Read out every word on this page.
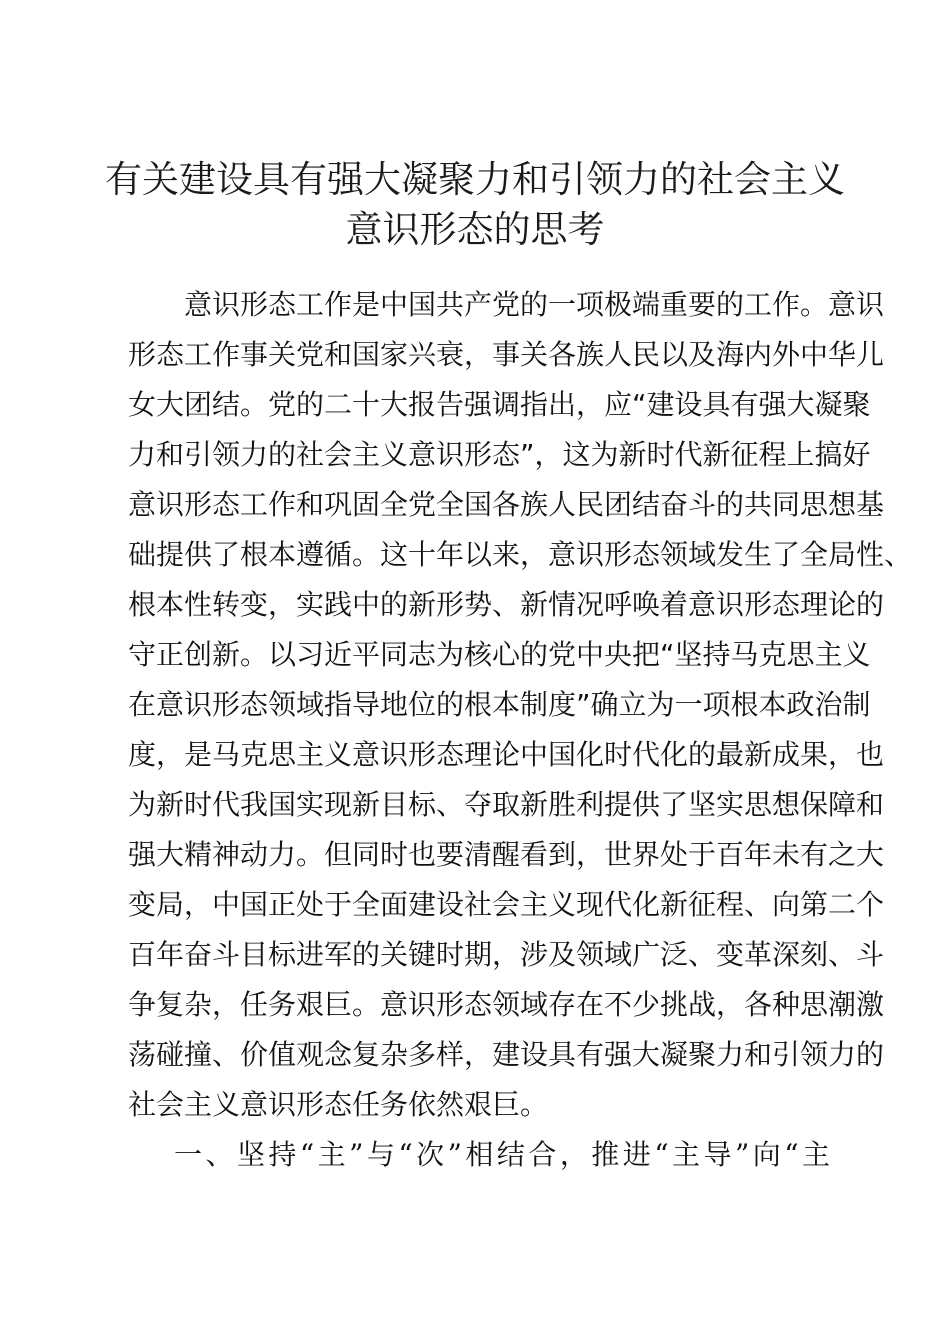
有关建设具有强大凝聚力和引领力的社会主义
意识形态的思考
意识形态工作是中国共产党的一项极端重要的工作。意识
形态工作事关党和国家兴衰，事关各族人民以及海内外中华儿
女大团结。党的二十大报告强调指出，应“建设具有强大凝聚
力和引领力的社会主义意识形态”，这为新时代新征程上搞好
意识形态工作和巩固全党全国各族人民团结奋斗的共同思想基
础提供了根本遵循。这十年以来，意识形态领域发生了全局性、
根本性转变，实践中的新形势、新情况呼唤着意识形态理论的
守正创新。以习近平同志为核心的党中央把“坚持马克思主义
在意识形态领域指导地位的根本制度”确立为一项根本政治制
度，是马克思主义意识形态理论中国化时代化的最新成果，也
为新时代我国实现新目标、夺取新胜利提供了坚实思想保障和
强大精神动力。但同时也要清醒看到，世界处于百年未有之大
变局，中国正处于全面建设社会主义现代化新征程、向第二个
百年奋斗目标进军的关键时期，涉及领域广泛、变革深刻、斗
争复杂，任务艰巨。意识形态领域存在不少挑战，各种思潮激
荡碰撞、价值观念复杂多样，建设具有强大凝聚力和引领力的
社会主义意识形态任务依然艰巨。
一、坚持“主”与“次”相结合，推进“主导”向“主
